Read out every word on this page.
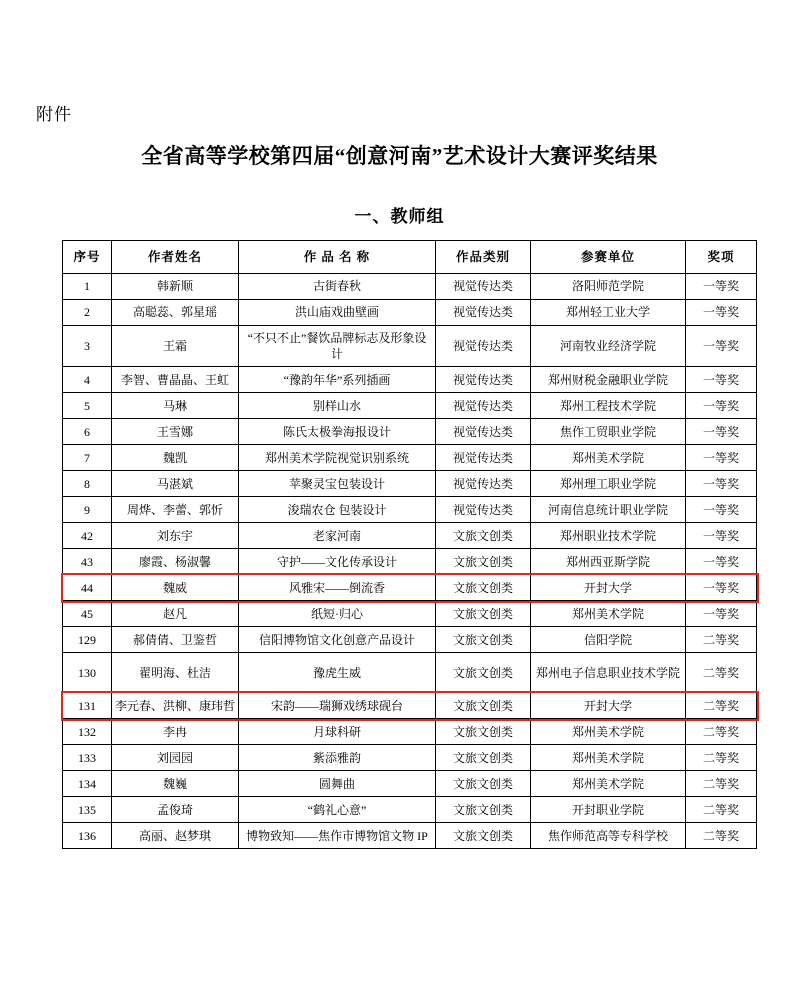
附件
全省高等学校第四届“创意河南”艺术设计大赛评奖结果
一、教师组
序号	作者姓名	作 品 名 称	作品类别	参赛单位	奖项
1	韩新顺	古街春秋	视觉传达类	洛阳师范学院	一等奖
2	高聪蕊、郭星瑶	洪山庙戏曲壁画	视觉传达类	郑州轻工业大学	一等奖
3	王霜	“不只不止”餐饮品牌标志及形象设计	视觉传达类	河南牧业经济学院	一等奖
4	李智、曹晶晶、王虹	“豫韵年华”系列插画	视觉传达类	郑州财税金融职业学院	一等奖
5	马琳	别样山水	视觉传达类	郑州工程技术学院	一等奖
6	王雪娜	陈氏太极拳海报设计	视觉传达类	焦作工贸职业学院	一等奖
7	魏凯	郑州美术学院视觉识别系统	视觉传达类	郑州美术学院	一等奖
8	马湛斌	苹聚灵宝包装设计	视觉传达类	郑州理工职业学院	一等奖
9	周烨、李蕾、郭忻	浚瑞农仓 包装设计	视觉传达类	河南信息统计职业学院	一等奖
42	刘东宇	老家河南	文旅文创类	郑州职业技术学院	一等奖
43	廖霞、杨淑馨	守护——文化传承设计	文旅文创类	郑州西亚斯学院	一等奖
44	魏威	风雅宋——倒流香	文旅文创类	开封大学	一等奖
45	赵凡	纸短·归心	文旅文创类	郑州美术学院	一等奖
129	郝倩倩、卫鉴哲	信阳博物馆文化创意产品设计	文旅文创类	信阳学院	二等奖
130	翟明海、杜洁	豫虎生威	文旅文创类	郑州电子信息职业技术学院	二等奖
131	李元春、洪柳、康玮哲	宋韵——瑞狮戏绣球砚台	文旅文创类	开封大学	二等奖
132	李冉	月球科研	文旅文创类	郑州美术学院	二等奖
133	刘园园	紫添雅韵	文旅文创类	郑州美术学院	二等奖
134	魏巍	圆舞曲	文旅文创类	郑州美术学院	二等奖
135	孟俊琦	“鹤礼心意”	文旅文创类	开封职业学院	二等奖
136	高丽、赵梦琪	博物致知——焦作市博物馆文物 IP	文旅文创类	焦作师范高等专科学校	二等奖
